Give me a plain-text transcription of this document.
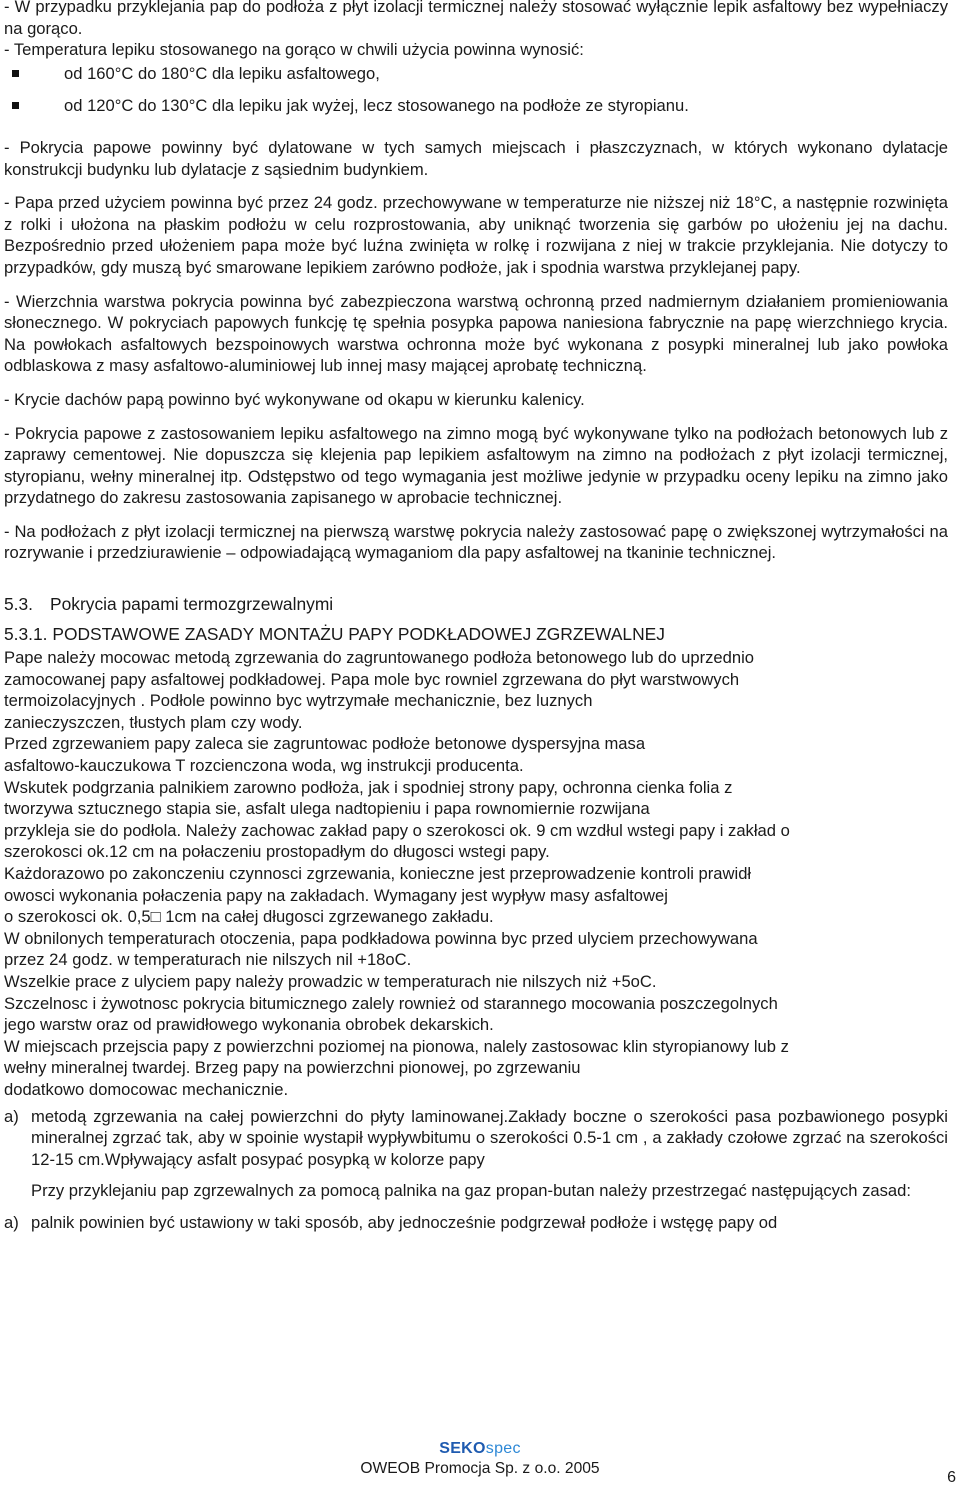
- W przypadku przyklejania pap do podłoża z płyt izolacji termicznej należy stosować wyłącznie lepik asfaltowy bez wypełniaczy na gorąco.

- Temperatura lepiku stosowanego na gorąco w chwili użycia powinna wynosić:

od 160°C do 180°C dla lepiku asfaltowego,
od 120°C do 130°C dla lepiku jak wyżej, lecz stosowanego na podłoże ze styropianu.

- Pokrycia papowe powinny być dylatowane w tych samych miejscach i płaszczyznach, w których wykonano dylatacje konstrukcji budynku lub dylatacje z sąsiednim budynkiem.

- Papa przed użyciem powinna być przez 24 godz. przechowywane w temperaturze nie niższej niż 18°C, a następnie rozwinięta z rolki i ułożona na płaskim podłożu w celu rozprostowania, aby uniknąć tworzenia się garbów po ułożeniu jej na dachu. Bezpośrednio przed ułożeniem papa może być luźna zwinięta w rolkę i rozwijana z niej w trakcie przyklejania. Nie dotyczy to przypadków, gdy muszą być smarowane lepikiem zarówno podłoże, jak i spodnia warstwa przyklejanej papy.

- Wierzchnia warstwa pokrycia powinna być zabezpieczona warstwą ochronną przed nadmiernym działaniem promieniowania słonecznego. W pokryciach papowych funkcję tę spełnia posypka papowa naniesiona fabrycznie na papę wierzchniego krycia. Na powłokach asfaltowych bezspoinowych warstwa ochronna może być wykonana z posypki mineralnej lub jako powłoka odblaskowa z masy asfaltowo-aluminiowej lub innej masy mającej aprobatę techniczną.

- Krycie dachów papą powinno być wykonywane od okapu w kierunku kalenicy.

- Pokrycia papowe z zastosowaniem lepiku asfaltowego na zimno mogą być wykonywane tylko na podłożach betonowych lub z zaprawy cementowej. Nie dopuszcza się klejenia pap lepikiem asfaltowym na zimno na podłożach z płyt izolacji termicznej, styropianu, wełny mineralnej itp. Odstępstwo od tego wymagania jest możliwe jedynie w przypadku oceny lepiku na zimno jako przydatnego do zakresu zastosowania zapisanego w aprobacie technicznej.

- Na podłożach z płyt izolacji termicznej na pierwszą warstwę pokrycia należy zastosować papę o zwiększonej wytrzymałości na rozrywanie i przedziurawienie – odpowiadającą wymaganiom dla papy asfaltowej na tkaninie technicznej.

5.3. Pokrycia papami termozgrzewalnymi

5.3.1. PODSTAWOWE ZASADY MONTAŻU PAPY PODKŁADOWEJ ZGRZEWALNEJ

Pape należy mocowac metodą zgrzewania do zagruntowanego podłoża betonowego lub do uprzednio

zamocowanej papy asfaltowej podkładowej. Papa mole byc rowniel zgrzewana do płyt warstwowych

termoizolacyjnych . Podłole powinno byc wytrzymałe mechanicznie, bez luznych

zanieczyszczen, tłustych plam czy wody.

Przed zgrzewaniem papy zaleca sie zagruntowac podłoże betonowe dyspersyjna masa

asfaltowo-kauczukowa T rozcienczona woda, wg instrukcji producenta.

Wskutek podgrzania palnikiem zarowno podłoża, jak i spodniej strony papy, ochronna cienka folia z

tworzywa sztucznego stapia sie, asfalt ulega nadtopieniu i papa rownomiernie rozwijana

przykleja sie do podłola. Należy zachowac zakład papy o szerokosci ok. 9 cm wzdłul wstegi papy i zakład o

szerokosci ok.12 cm na połaczeniu prostopadłym do długosci wstegi papy.

Każdorazowo po zakonczeniu czynnosci zgrzewania, konieczne jest przeprowadzenie kontroli prawidł

owosci wykonania połaczenia papy na zakładach. Wymagany jest wypływ masy asfaltowej

o szerokosci ok. 0,5□ 1cm na całej długosci zgrzewanego zakładu.

W obnilonych temperaturach otoczenia, papa podkładowa powinna byc przed ulyciem przechowywana

przez 24 godz. w temperaturach nie nilszych nil +18oC.

Wszelkie prace z ulyciem papy należy prowadzic w temperaturach nie nilszych niż +5oC.

Szczelnosc i żywotnosc pokrycia bitumicznego zalely rownież od starannego mocowania poszczegolnych

jego warstw oraz od prawidłowego wykonania obrobek dekarskich.

W miejscach przejscia papy z powierzchni poziomej na pionowa, nalely zastosowac klin styropianowy lub z

wełny mineralnej twardej. Brzeg papy na powierzchni pionowej, po zgrzewaniu

dodatkowo domocowac mechanicznie.

a) metodą zgrzewania na całej powierzchni do płyty laminowanej.Zakłady boczne o szerokości pasa pozbawionego posypki mineralnej zgrzać tak, aby w spoinie wystapił wypływbitumu o szerokości 0.5-1 cm , a zakłady czołowe zgrzać na szerokości 12-15 cm.Wpływający asfalt posypać posypką w kolorze papy

Przy przyklejaniu pap zgrzewalnych za pomocą palnika na gaz propan-butan należy przestrzegać następujących zasad:

a) palnik powinien być ustawiony w taki sposób, aby jednocześnie podgrzewał podłoże i wstęgę papy od
SEKOspec
OWEOB Promocja Sp. z o.o. 2005
6
